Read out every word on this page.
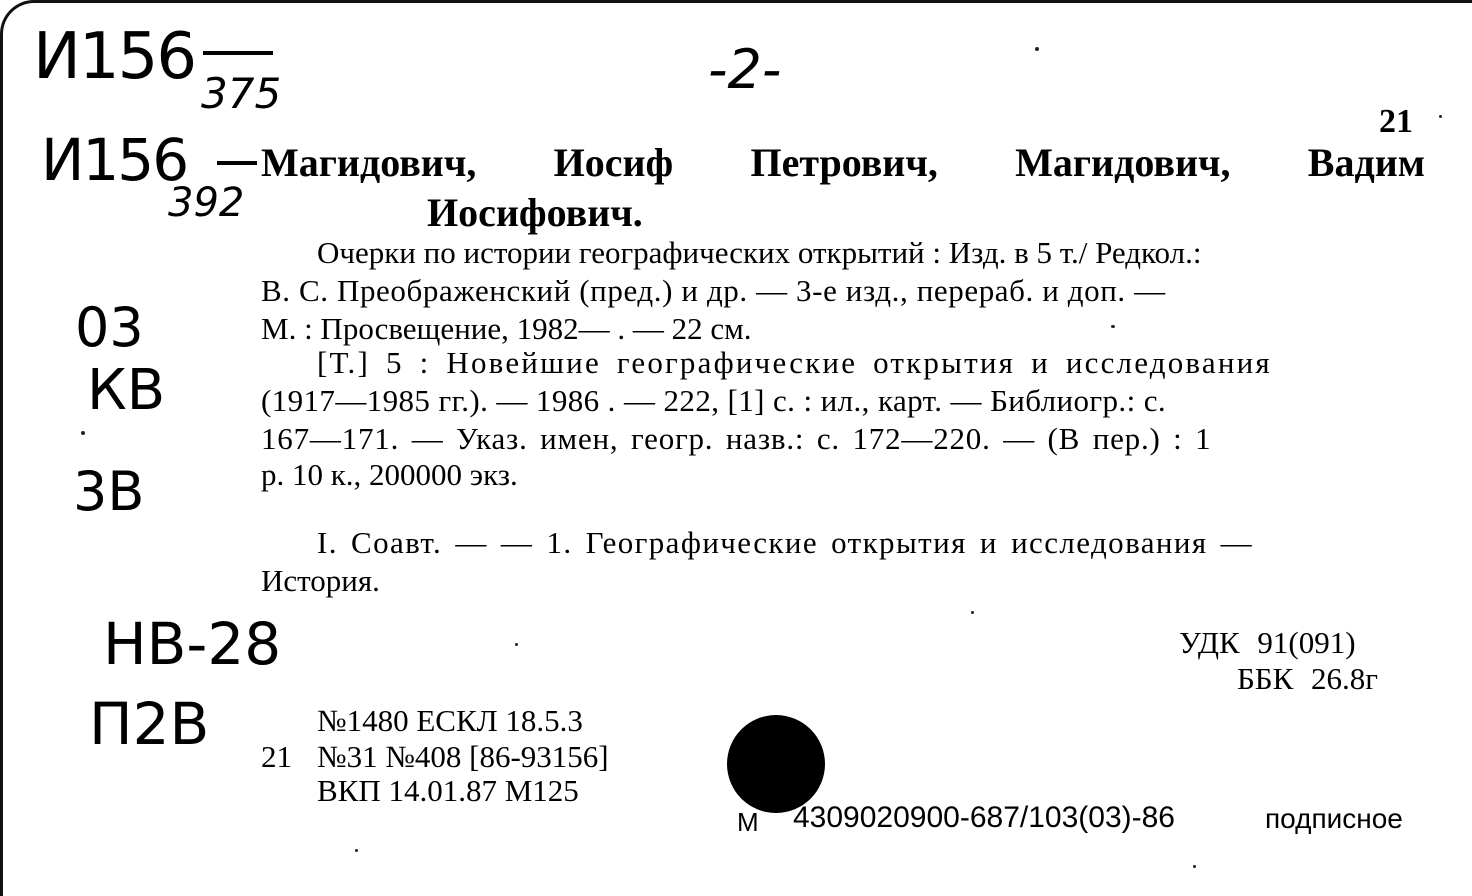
И156 375
И156
392
-2-
03
КВ
3В
НВ-28
П2В
21
Магидович, Иосиф Петрович, Магидович, Вадим
Иосифович.
Очерки по истории географических открытий : Изд. в 5 т./ Редкол.:
В. С. Преображенский (пред.) и др. — 3-е изд., перераб. и доп. —
М. : Просвещение, 1982— . — 22 см.
[Т.] 5 : Новейшие географические открытия и исследования
(1917—1985 гг.). — 1986 . — 222, [1] с. : ил., карт. — Библиогр.: с.
167—171. — Указ. имен, геогр. назв.: с. 172—220. — (В пер.) : 1
р. 10 к., 200000 экз.
I. Соавт. — — 1. Географические открытия и исследования —
История.
УДК 91(091)
ББК 26.8г
№1480 ЕСКЛ 18.5.3
21 №31 №408 [86-93156]
ВКП 14.01.87 М125
М 4309020900-687/103(03)-86	подписное
